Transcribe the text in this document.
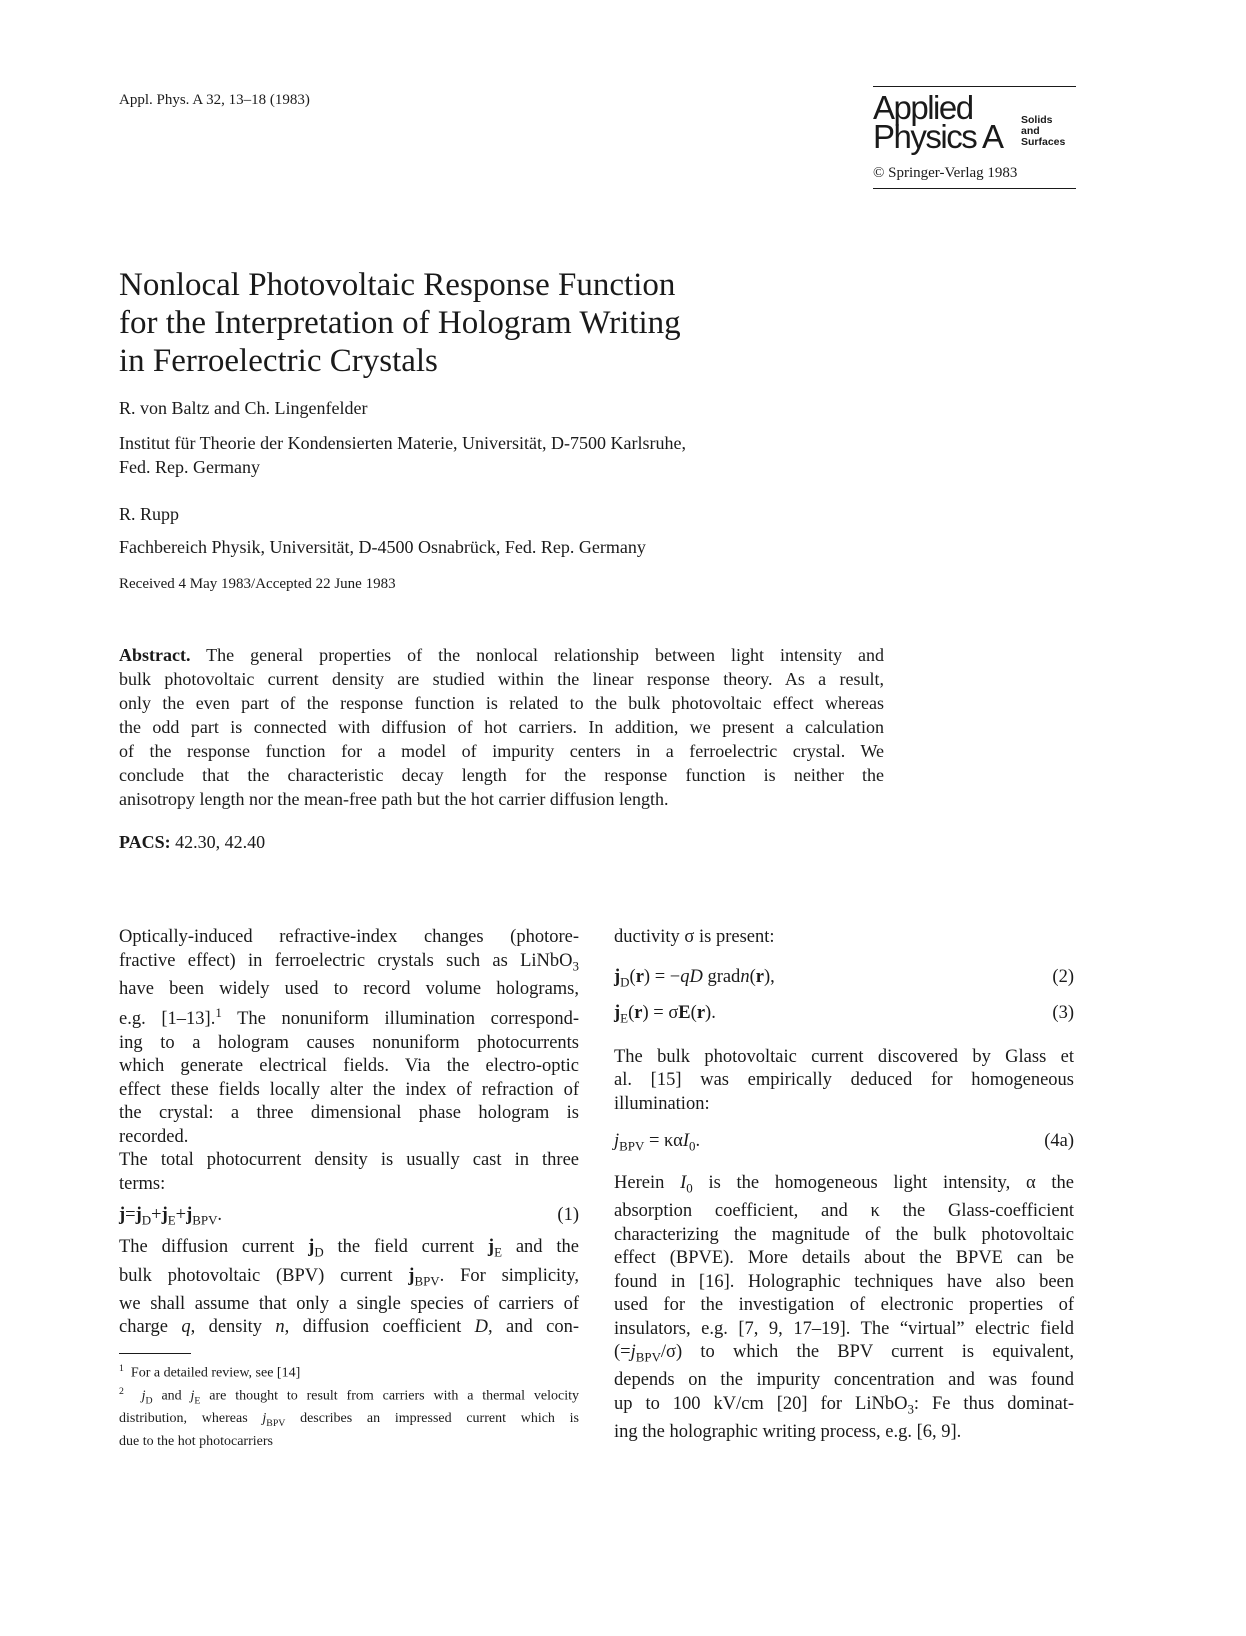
Appl. Phys. A 32, 13–18 (1983)	Applied
Physics A Solids
and
Surfaces
© Springer-Verlag 1983
Nonlocal Photovoltaic Response Function
for the Interpretation of Hologram Writing
in Ferroelectric Crystals
R. von Baltz and Ch. Lingenfelder
Institut für Theorie der Kondensierten Materie, Universität, D-7500 Karlsruhe,
Fed. Rep. Germany
R. Rupp
Fachbereich Physik, Universität, D-4500 Osnabrück, Fed. Rep. Germany
Received 4 May 1983/Accepted 22 June 1983
Abstract. The general properties of the nonlocal relationship between light intensity and
bulk photovoltaic current density are studied within the linear response theory. As a result,
only the even part of the response function is related to the bulk photovoltaic effect whereas
the odd part is connected with diffusion of hot carriers. In addition, we present a calculation
of the response function for a model of impurity centers in a ferroelectric crystal. We
conclude that the characteristic decay length for the response function is neither the
anisotropy length nor the mean-free path but the hot carrier diffusion length.
PACS: 42.30, 42.40
Optically-induced refractive-index changes (photore-
fractive effect) in ferroelectric crystals such as LiNbO$_3$
have been widely used to record volume holograms,
e.g. [1–13].$^1$ The nonuniform illumination correspond-
ing to a hologram causes nonuniform photocurrents
which generate electrical fields. Via the electro-optic
effect these fields locally alter the index of refraction of
the crystal: a three dimensional phase hologram is
recorded.
The total photocurrent density is usually cast in three
terms:
$j=j_D+j_E+j_{BPV}$.	(1)
The diffusion current $j_D$ the field current $j_E$ and the
bulk photovoltaic (BPV) current $j_{BPV}$. For simplicity,
we shall assume that only a single species of carriers of
charge q, density n, diffusion coefficient D, and con-
$^1$ For a detailed review, see [14]
$^2$ $j_D$ and $j_E$ are thought to result from carriers with a thermal velocity
distribution, whereas $j_{BPV}$ describes an impressed current which is
due to the hot photocarriers
ductivity σ is present:
$j_D(r) = -qD$ gradn(r),	(2)
$j_E(r) = \sigma E(r)$.	(3)
The bulk photovoltaic current discovered by Glass et
al. [15] was empirically deduced for homogeneous
illumination:
$j_{BPV} = \kappa\alpha I_0$.	(4a)
Herein $I_0$ is the homogeneous light intensity, α the
absorption coefficient, and κ the Glass-coefficient
characterizing the magnitude of the bulk photovoltaic
effect (BPVE). More details about the BPVE can be
found in [16]. Holographic techniques have also been
used for the investigation of electronic properties of
insulators, e.g. [7, 9, 17–19]. The “virtual” electric field
$(=j_{BPV}/\sigma)$ to which the BPV current is equivalent,
depends on the impurity concentration and was found
up to 100 kV/cm [20] for LiNbO$_3$: Fe thus dominat-
ing the holographic writing process, e.g. [6, 9].
